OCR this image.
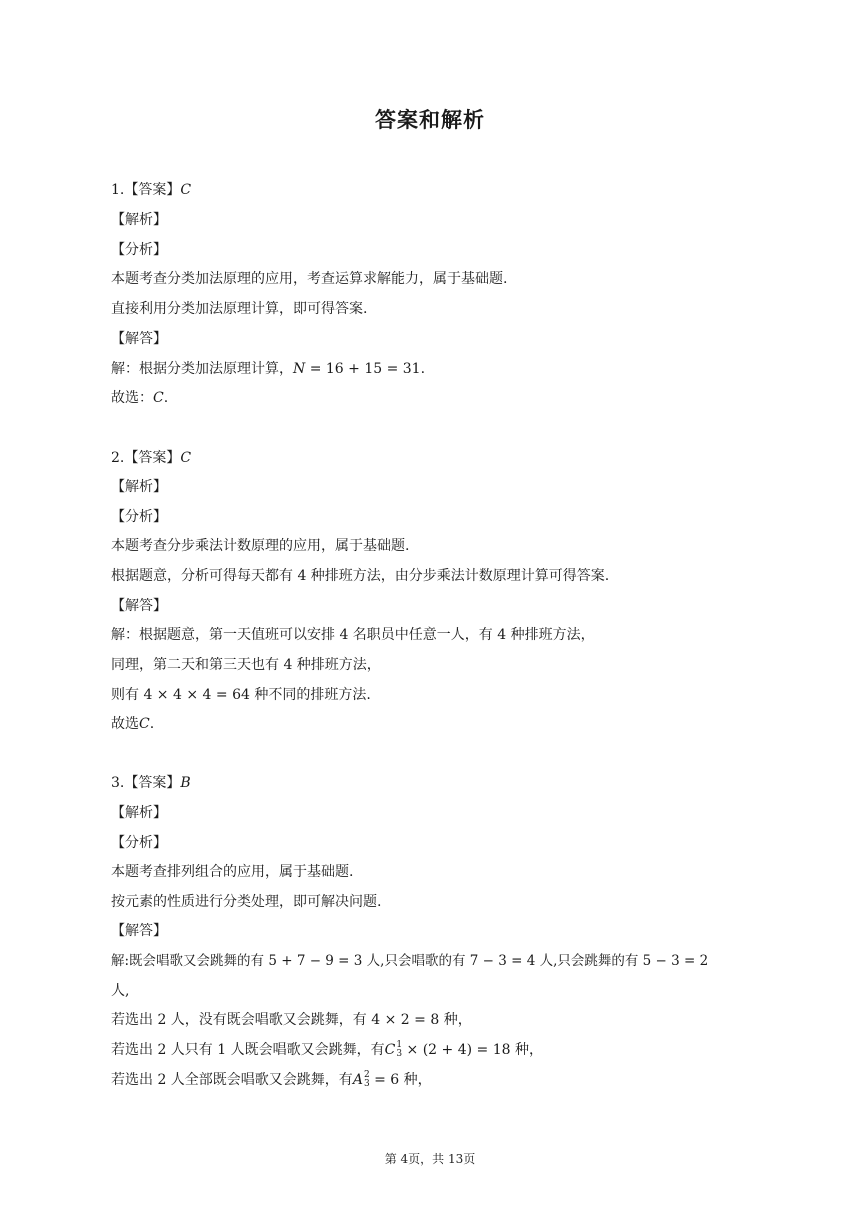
答案和解析
1.【答案】C
【解析】
【分析】
本题考查分类加法原理的应用，考查运算求解能力，属于基础题.
直接利用分类加法原理计算，即可得答案.
【解答】
解：根据分类加法原理计算，N = 16 + 15 = 31.
故选：C.
2.【答案】C
【解析】
【分析】
本题考查分步乘法计数原理的应用，属于基础题.
根据题意，分析可得每天都有 4 种排班方法，由分步乘法计数原理计算可得答案.
【解答】
解：根据题意，第一天值班可以安排 4 名职员中任意一人，有 4 种排班方法，
同理，第二天和第三天也有 4 种排班方法，
则有 4 × 4 × 4 = 64 种不同的排班方法.
故选C.
3.【答案】B
【解析】
【分析】
本题考查排列组合的应用，属于基础题.
按元素的性质进行分类处理，即可解决问题.
【解答】
解:既会唱歌又会跳舞的有 5 + 7 − 9 = 3 人,只会唱歌的有 7 − 3 = 4 人,只会跳舞的有 5 − 3 = 2
人,
若选出 2 人，没有既会唱歌又会跳舞，有 4 × 2 = 8 种，
若选出 2 人只有 1 人既会唱歌又会跳舞，有C 1
3 × (2 + 4) = 18 种，
若选出 2 人全部既会唱歌又会跳舞，有A 2
3 = 6 种，
第 4页，共 13页
